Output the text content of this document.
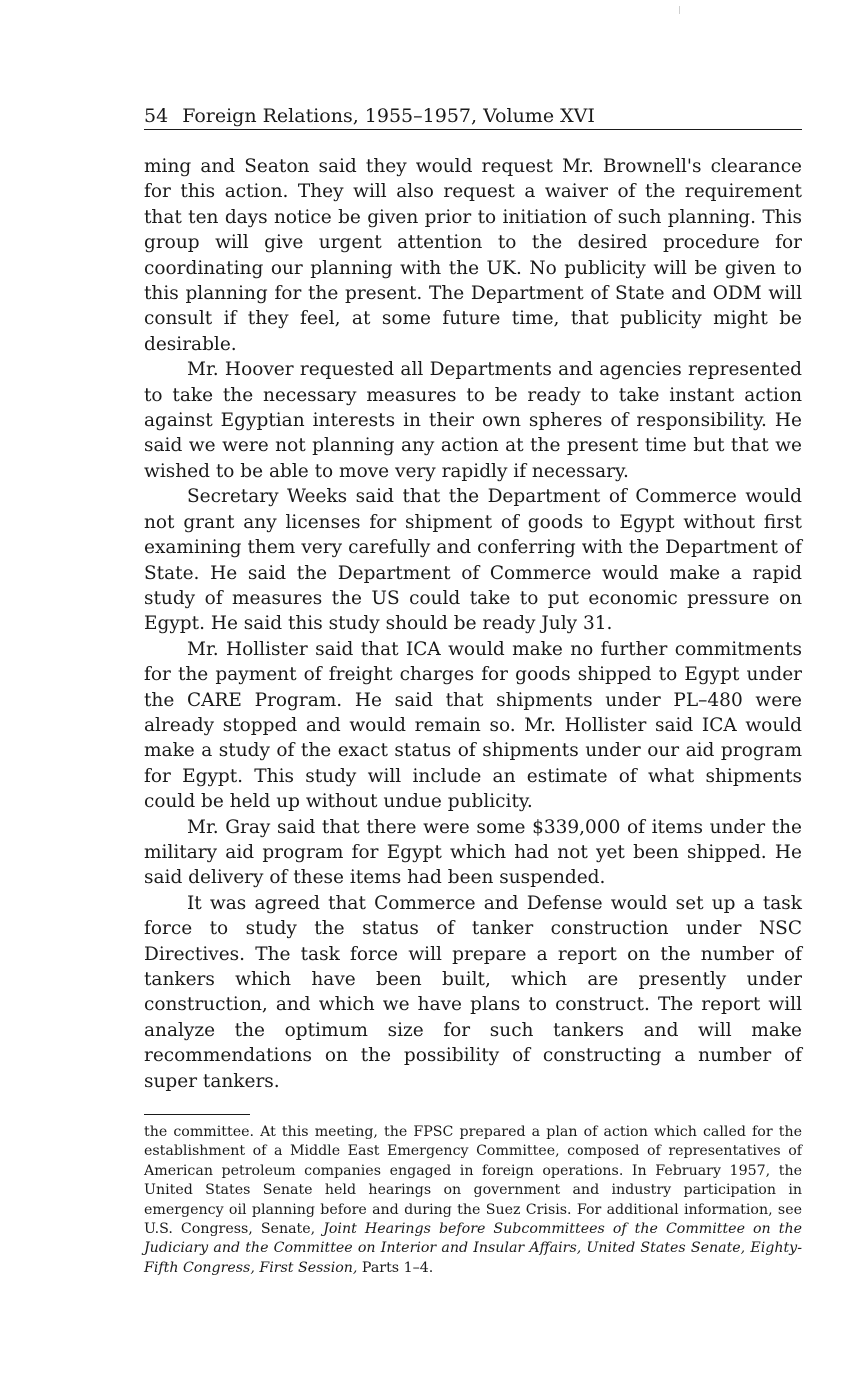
54 Foreign Relations, 1955–1957, Volume XVI

ming and Seaton said they would request Mr. Brownell's clearance for this action. They will also request a waiver of the requirement that ten days notice be given prior to initiation of such planning. This group will give urgent attention to the desired procedure for coordinating our planning with the UK. No publicity will be given to this planning for the present. The Department of State and ODM will consult if they feel, at some future time, that publicity might be desirable.

Mr. Hoover requested all Departments and agencies represented to take the necessary measures to be ready to take instant action against Egyptian interests in their own spheres of responsibility. He said we were not planning any action at the present time but that we wished to be able to move very rapidly if necessary.

Secretary Weeks said that the Department of Commerce would not grant any licenses for shipment of goods to Egypt without first examining them very carefully and conferring with the Department of State. He said the Department of Commerce would make a rapid study of measures the US could take to put economic pressure on Egypt. He said this study should be ready July 31.

Mr. Hollister said that ICA would make no further commitments for the payment of freight charges for goods shipped to Egypt under the CARE Program. He said that shipments under PL–480 were already stopped and would remain so. Mr. Hollister said ICA would make a study of the exact status of shipments under our aid program for Egypt. This study will include an estimate of what shipments could be held up without undue publicity.

Mr. Gray said that there were some $339,000 of items under the military aid program for Egypt which had not yet been shipped. He said delivery of these items had been suspended.

It was agreed that Commerce and Defense would set up a task force to study the status of tanker construction under NSC Directives. The task force will prepare a report on the number of tankers which have been built, which are presently under construction, and which we have plans to construct. The report will analyze the optimum size for such tankers and will make recommendations on the possibility of constructing a number of super tankers.

the committee. At this meeting, the FPSC prepared a plan of action which called for the establishment of a Middle East Emergency Committee, composed of representatives of American petroleum companies engaged in foreign operations. In February 1957, the United States Senate held hearings on government and industry participation in emergency oil planning before and during the Suez Crisis. For additional information, see U.S. Congress, Senate, Joint Hearings before Subcommittees of the Committee on the Judiciary and the Committee on Interior and Insular Affairs, United States Senate, Eighty-Fifth Congress, First Session, Parts 1–4.
